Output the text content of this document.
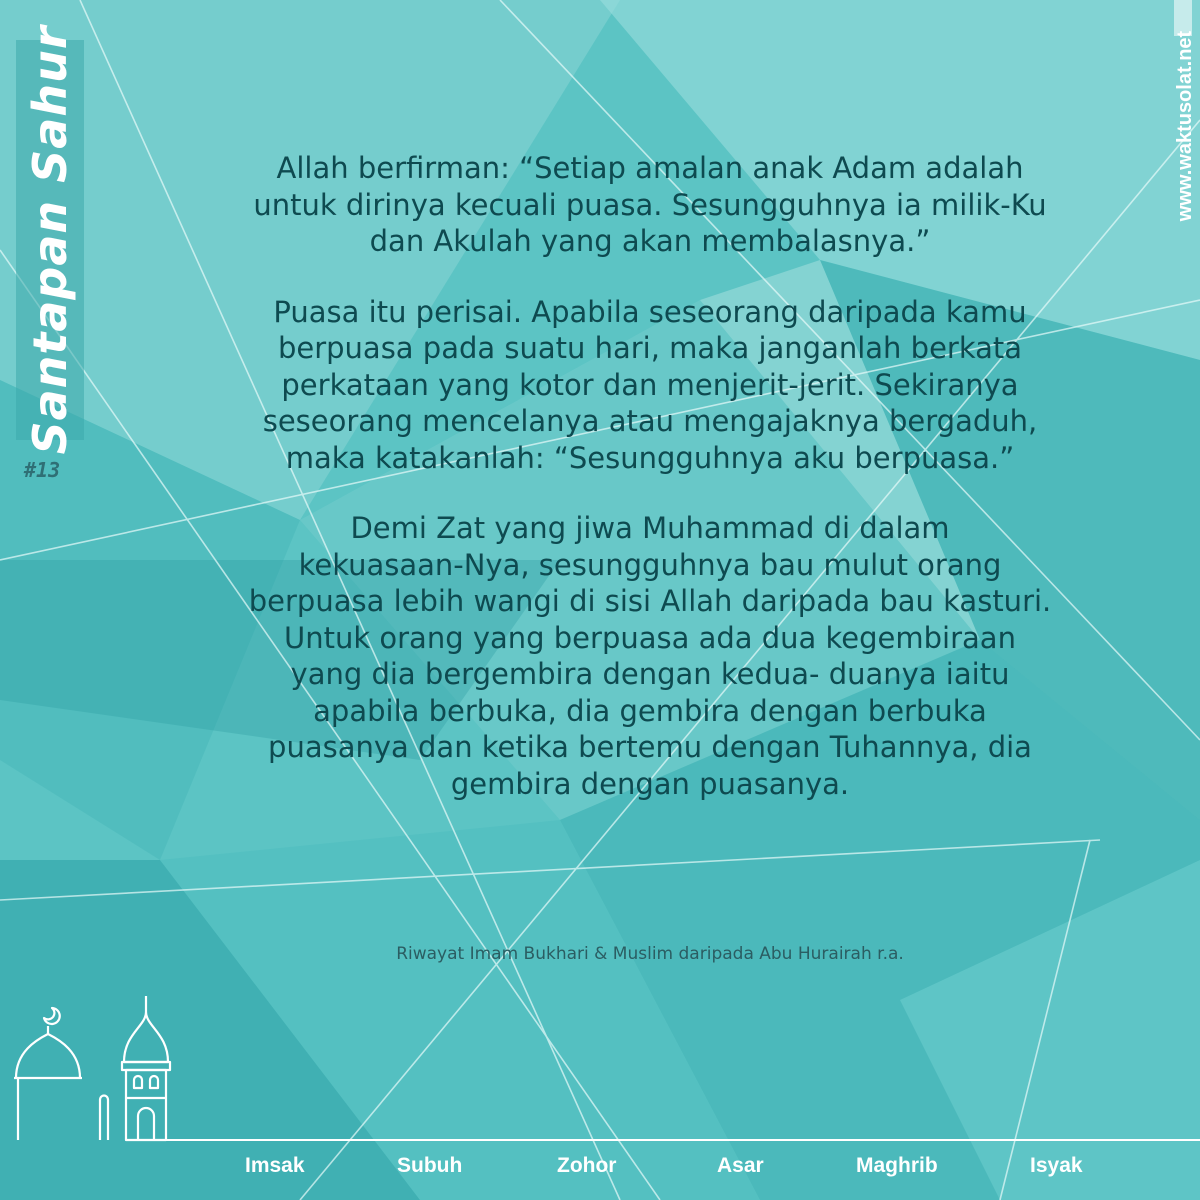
Santapan Sahur
#13
www.waktusolat.net

Allah berfirman: “Setiap amalan anak Adam adalah
untuk dirinya kecuali puasa. Sesungguhnya ia milik-Ku
dan Akulah yang akan membalasnya.”

Puasa itu perisai. Apabila seseorang daripada kamu
berpuasa pada suatu hari, maka janganlah berkata
perkataan yang kotor dan menjerit-jerit. Sekiranya
seseorang mencelanya atau mengajaknya bergaduh,
maka katakanlah: “Sesungguhnya aku berpuasa.”

Demi Zat yang jiwa Muhammad di dalam
kekuasaan-Nya, sesungguhnya bau mulut orang
berpuasa lebih wangi di sisi Allah daripada bau kasturi.
Untuk orang yang berpuasa ada dua kegembiraan
yang dia bergembira dengan kedua- duanya iaitu
apabila berbuka, dia gembira dengan berbuka
puasanya dan ketika bertemu dengan Tuhannya, dia
gembira dengan puasanya.

Riwayat Imam Bukhari & Muslim daripada Abu Hurairah r.a.
Imsak	Subuh	Zohor	Asar	Maghrib	Isyak
